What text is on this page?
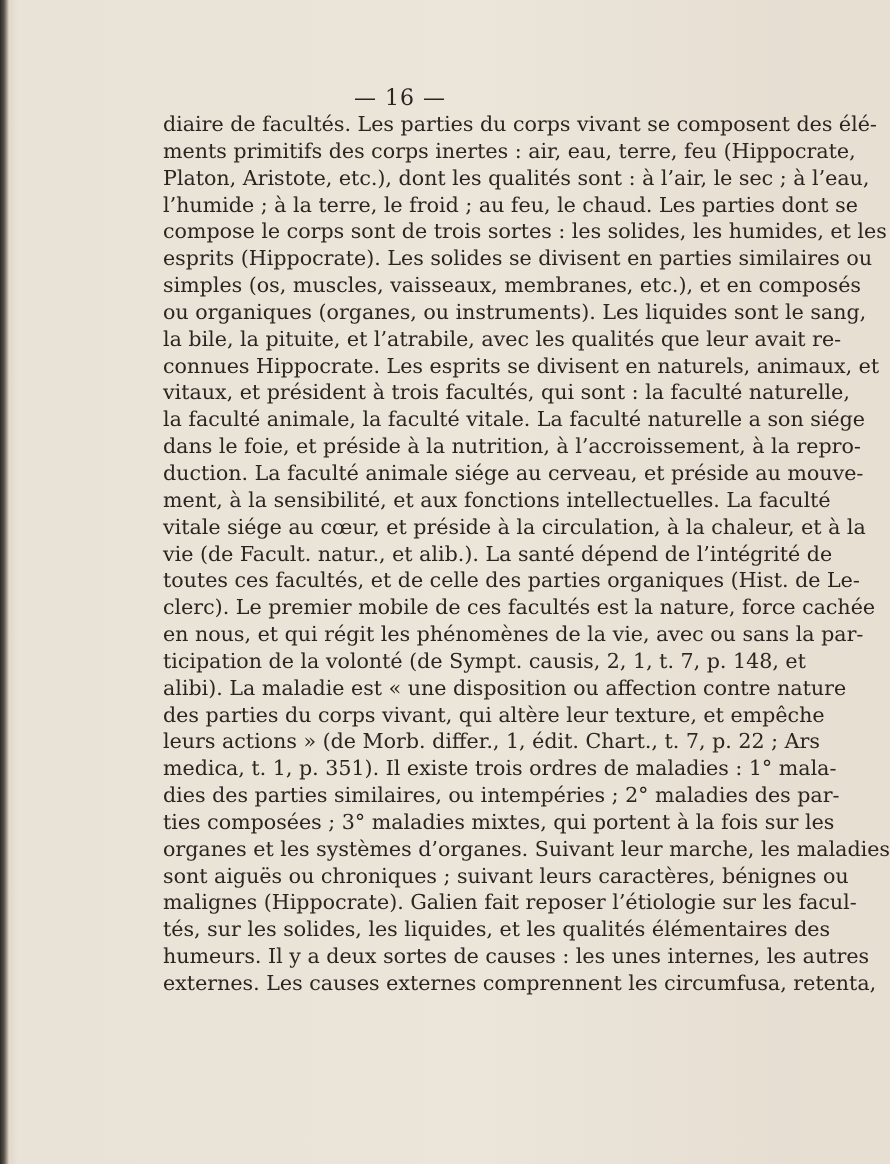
— 16 —
diaire de facultés. Les parties du corps vivant se composent des élé-
ments primitifs des corps inertes : air, eau, terre, feu (Hippocrate,
Platon, Aristote, etc.), dont les qualités sont : à l’air, le sec ; à l’eau,
l’humide ; à la terre, le froid ; au feu, le chaud. Les parties dont se
compose le corps sont de trois sortes : les solides, les humides, et les
esprits (Hippocrate). Les solides se divisent en parties similaires ou
simples (os, muscles, vaisseaux, membranes, etc.), et en composés
ou organiques (organes, ou instruments). Les liquides sont le sang,
la bile, la pituite, et l’atrabile, avec les qualités que leur avait re-
connues Hippocrate. Les esprits se divisent en naturels, animaux, et
vitaux, et président à trois facultés, qui sont : la faculté naturelle,
la faculté animale, la faculté vitale. La faculté naturelle a son siége
dans le foie, et préside à la nutrition, à l’accroissement, à la repro-
duction. La faculté animale siége au cerveau, et préside au mouve-
ment, à la sensibilité, et aux fonctions intellectuelles. La faculté
vitale siége au cœur, et préside à la circulation, à la chaleur, et à la
vie (de Facult. natur., et alib.). La santé dépend de l’intégrité de
toutes ces facultés, et de celle des parties organiques (Hist. de Le-
clerc). Le premier mobile de ces facultés est la nature, force cachée
en nous, et qui régit les phénomènes de la vie, avec ou sans la par-
ticipation de la volonté (de Sympt. causis, 2, 1, t. 7, p. 148, et
alibi). La maladie est « une disposition ou affection contre nature
des parties du corps vivant, qui altère leur texture, et empêche
leurs actions » (de Morb. differ., 1, édit. Chart., t. 7, p. 22 ; Ars
medica, t. 1, p. 351). Il existe trois ordres de maladies : 1° mala-
dies des parties similaires, ou intempéries ; 2° maladies des par-
ties composées ; 3° maladies mixtes, qui portent à la fois sur les
organes et les systèmes d’organes. Suivant leur marche, les maladies
sont aiguës ou chroniques ; suivant leurs caractères, bénignes ou
malignes (Hippocrate). Galien fait reposer l’étiologie sur les facul-
tés, sur les solides, les liquides, et les qualités élémentaires des
humeurs. Il y a deux sortes de causes : les unes internes, les autres
externes. Les causes externes comprennent les circumfusa, retenta,
